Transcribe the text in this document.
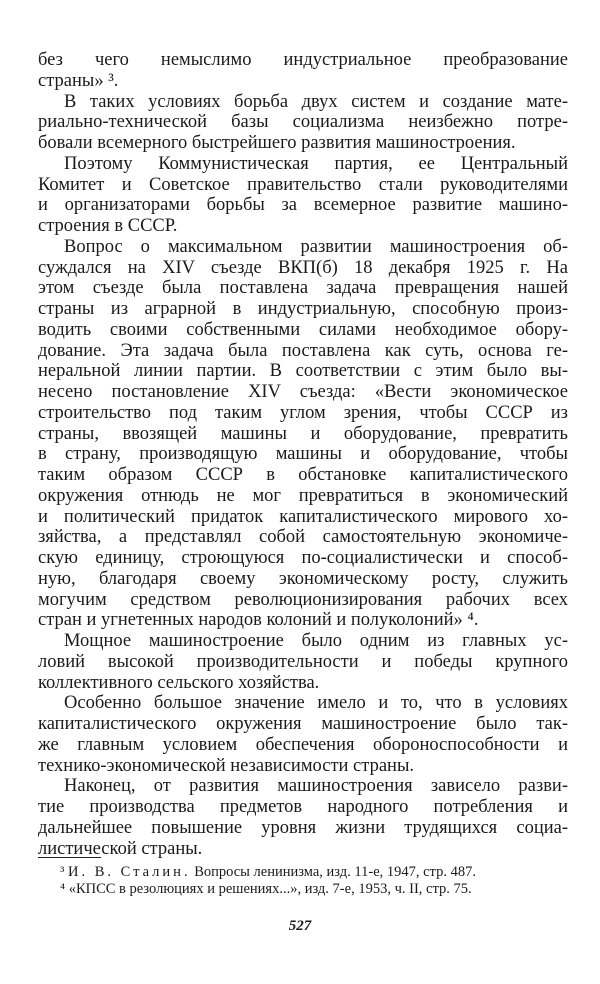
без чего немыслимо индустриальное преобразование
страны» ³.
В таких условиях борьба двух систем и создание мате-
риально-технической базы социализма неизбежно потре-
бовали всемерного быстрейшего развития машиностроения.
Поэтому Коммунистическая партия, ее Центральный
Комитет и Советское правительство стали руководителями
и организаторами борьбы за всемерное развитие машино-
строения в СССР.
Вопрос о максимальном развитии машиностроения об-
суждался на XIV съезде ВКП(б) 18 декабря 1925 г. На
этом съезде была поставлена задача превращения нашей
страны из аграрной в индустриальную, способную произ-
водить своими собственными силами необходимое обору-
дование. Эта задача была поставлена как суть, основа ге-
неральной линии партии. В соответствии с этим было вы-
несено постановление XIV съезда: «Вести экономическое
строительство под таким углом зрения, чтобы СССР из
страны, ввозящей машины и оборудование, превратить
в страну, производящую машины и оборудование, чтобы
таким образом СССР в обстановке капиталистического
окружения отнюдь не мог превратиться в экономический
и политический придаток капиталистического мирового хо-
зяйства, а представлял собой самостоятельную экономиче-
скую единицу, строющуюся по-социалистически и способ-
ную, благодаря своему экономическому росту, служить
могучим средством революционизирования рабочих всех
стран и угнетенных народов колоний и полуколоний» ⁴.
Мощное машиностроение было одним из главных ус-
ловий высокой производительности и победы крупного
коллективного сельского хозяйства.
Особенно большое значение имело и то, что в условиях
капиталистического окружения машиностроение было так-
же главным условием обеспечения обороноспособности и
технико-экономической независимости страны.
Наконец, от развития машиностроения зависело разви-
тие производства предметов народного потребления и
дальнейшее повышение уровня жизни трудящихся социа-
листической страны.
³ И. В. Сталин. Вопросы ленинизма, изд. 11-е, 1947, стр. 487.
⁴ «КПСС в резолюциях и решениях...», изд. 7-е, 1953, ч. II, стр. 75.
527
